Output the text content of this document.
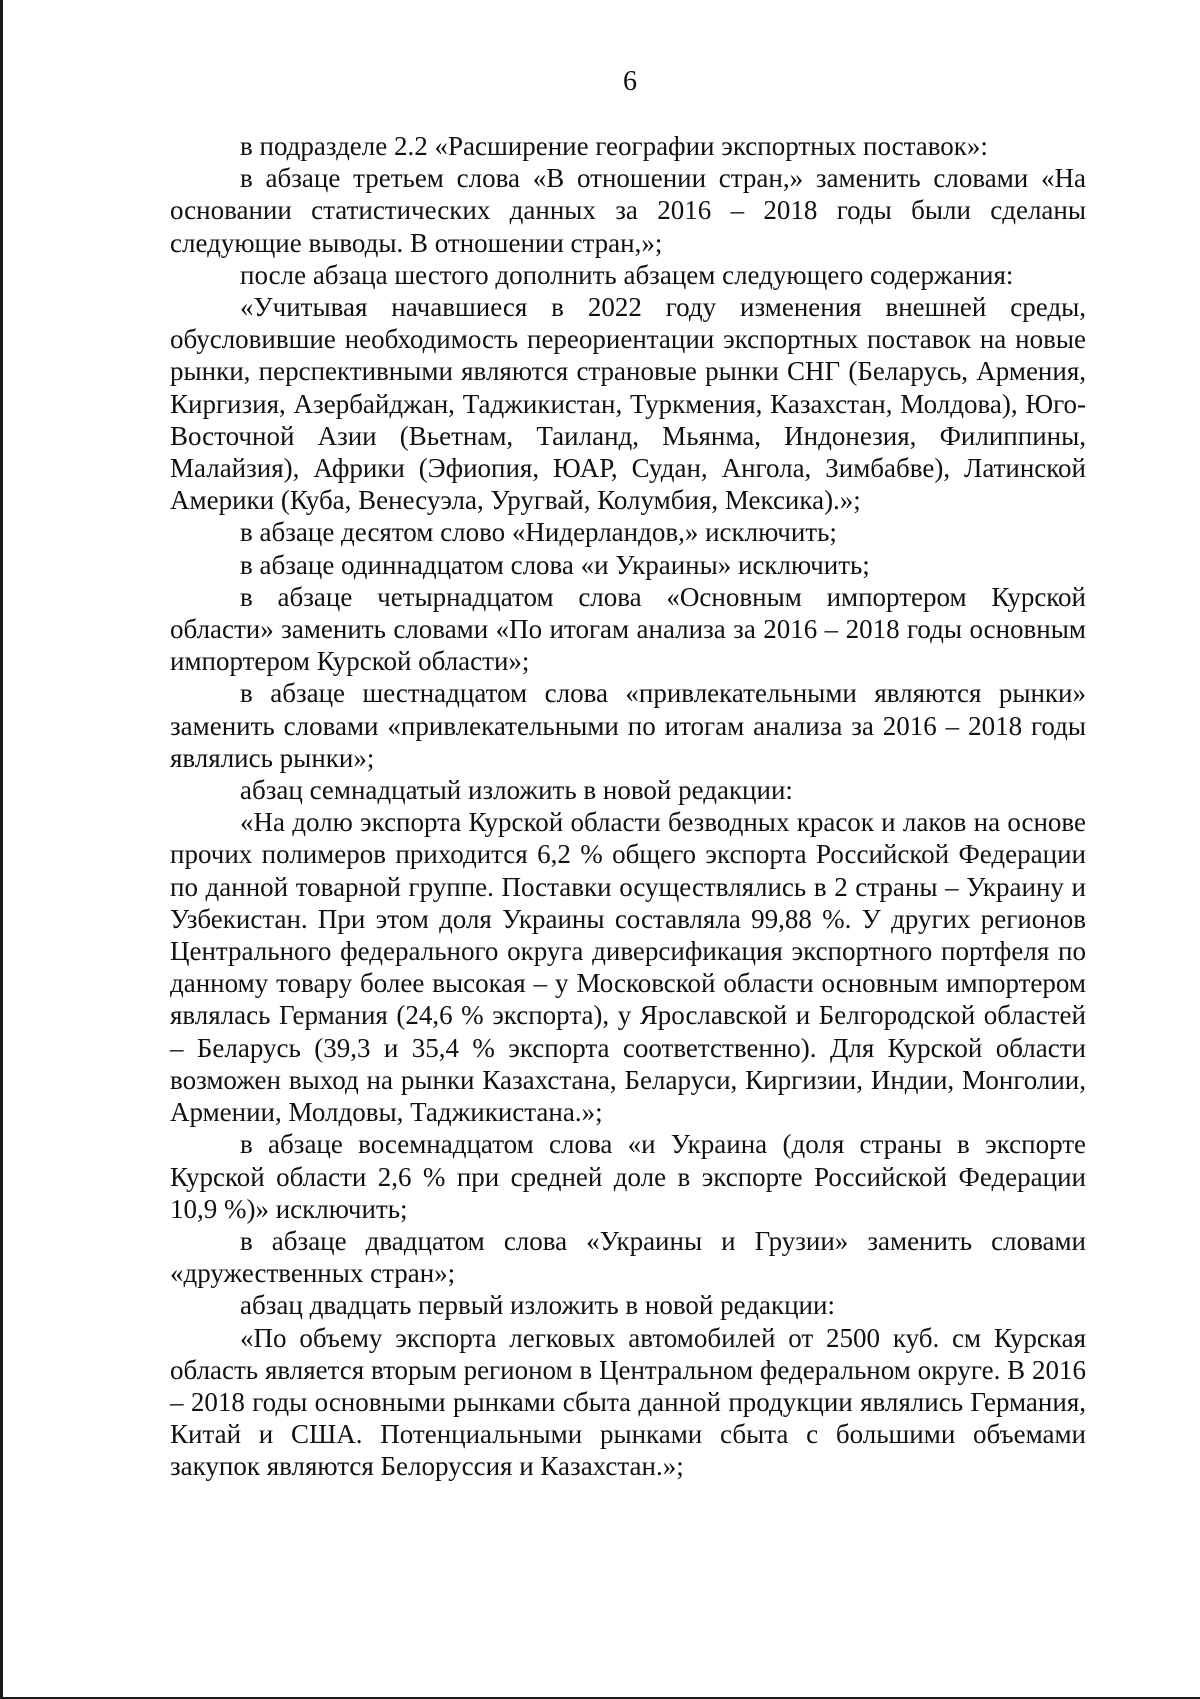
6

в подразделе 2.2 «Расширение географии экспортных поставок»:

в абзаце третьем слова «В отношении стран,» заменить словами «На основании статистических данных за 2016 – 2018 годы были сделаны следующие выводы. В отношении стран,»;

после абзаца шестого дополнить абзацем следующего содержания:

«Учитывая начавшиеся в 2022 году изменения внешней среды, обусловившие необходимость переориентации экспортных поставок на новые рынки, перспективными являются страновые рынки СНГ (Беларусь, Армения, Киргизия, Азербайджан, Таджикистан, Туркмения, Казахстан, Молдова), Юго-Восточной Азии (Вьетнам, Таиланд, Мьянма, Индонезия, Филиппины, Малайзия), Африки (Эфиопия, ЮАР, Судан, Ангола, Зимбабве), Латинской Америки (Куба, Венесуэла, Уругвай, Колумбия, Мексика).»;

в абзаце десятом слово «Нидерландов,» исключить;

в абзаце одиннадцатом слова «и Украины» исключить;

в абзаце четырнадцатом слова «Основным импортером Курской области» заменить словами «По итогам анализа за 2016 – 2018 годы основным импортером Курской области»;

в абзаце шестнадцатом слова «привлекательными являются рынки» заменить словами «привлекательными по итогам анализа за 2016 – 2018 годы являлись рынки»;

абзац семнадцатый изложить в новой редакции:

«На долю экспорта Курской области безводных красок и лаков на основе прочих полимеров приходится 6,2 % общего экспорта Российской Федерации по данной товарной группе. Поставки осуществлялись в 2 страны – Украину и Узбекистан. При этом доля Украины составляла 99,88 %. У других регионов Центрального федерального округа диверсификация экспортного портфеля по данному товару более высокая – у Московской области основным импортером являлась Германия (24,6 % экспорта), у Ярославской и Белгородской областей – Беларусь (39,3 и 35,4 % экспорта соответственно). Для Курской области возможен выход на рынки Казахстана, Беларуси, Киргизии, Индии, Монголии, Армении, Молдовы, Таджикистана.»;

в абзаце восемнадцатом слова «и Украина (доля страны в экспорте Курской области 2,6 % при средней доле в экспорте Российской Федерации 10,9 %)» исключить;

в абзаце двадцатом слова «Украины и Грузии» заменить словами «дружественных стран»;

абзац двадцать первый изложить в новой редакции:

«По объему экспорта легковых автомобилей от 2500 куб. см Курская область является вторым регионом в Центральном федеральном округе. В 2016 – 2018 годы основными рынками сбыта данной продукции являлись Германия, Китай и США. Потенциальными рынками сбыта с большими объемами закупок являются Белоруссия и Казахстан.»;
